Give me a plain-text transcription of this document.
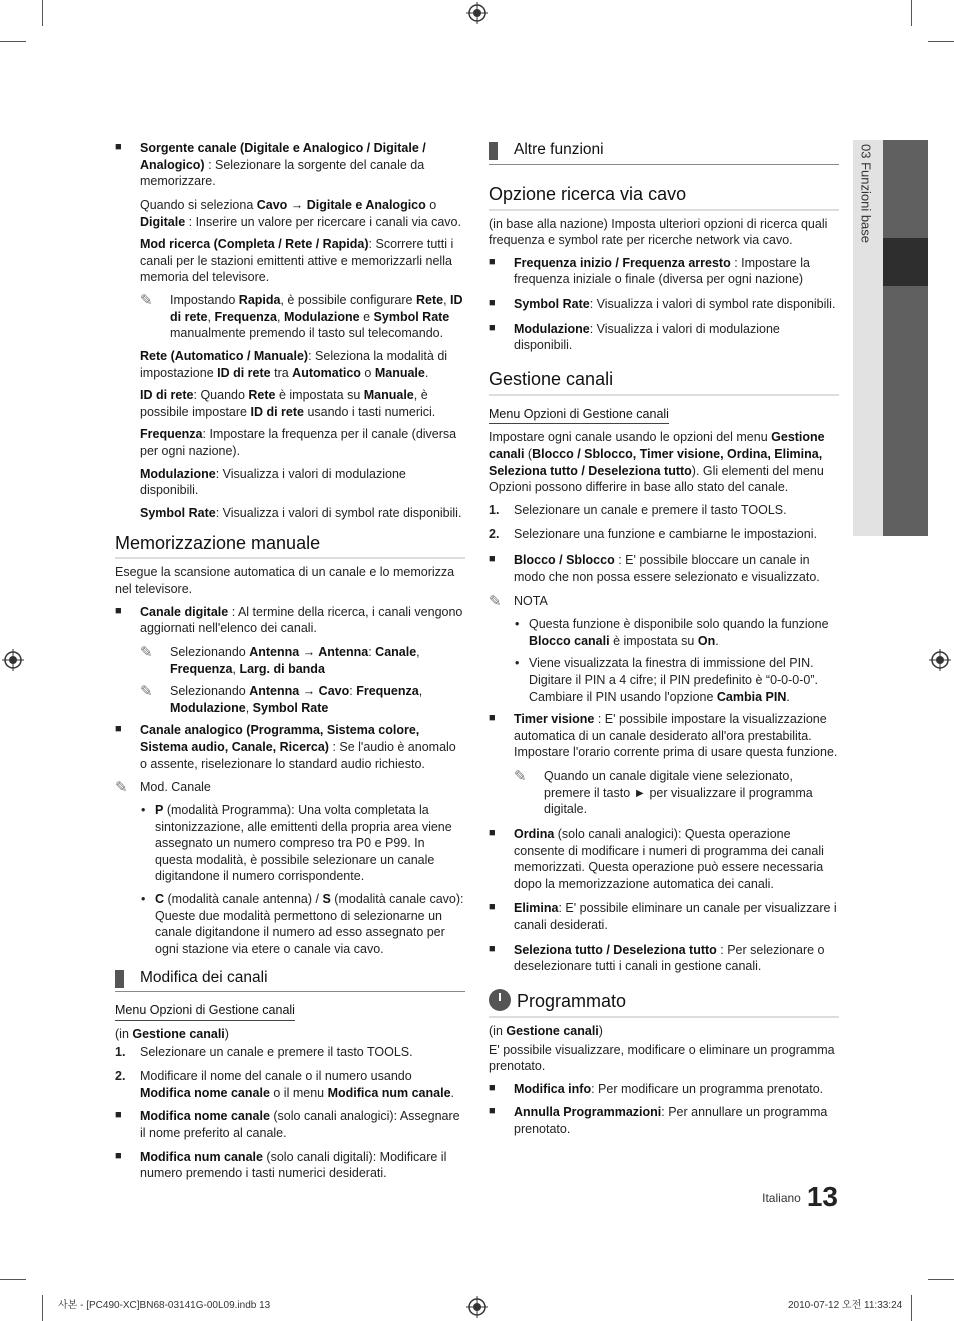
03 Funzioni base
■ Sorgente canale (Digitale e Analogico / Digitale / Analogico) : Selezionare la sorgente del canale da memorizzare.
Quando si seleziona Cavo → Digitale e Analogico o Digitale : Inserire un valore per ricercare i canali via cavo.
Mod ricerca (Completa / Rete / Rapida): Scorrere tutti i canali per le stazioni emittenti attive e memorizzarli nella memoria del televisore.
✎ Impostando Rapida, è possibile configurare Rete, ID di rete, Frequenza, Modulazione e Symbol Rate manualmente premendo il tasto sul telecomando.
Rete (Automatico / Manuale): Seleziona la modalità di impostazione ID di rete tra Automatico o Manuale.
ID di rete: Quando Rete è impostata su Manuale, è possibile impostare ID di rete usando i tasti numerici.
Frequenza: Impostare la frequenza per il canale (diversa per ogni nazione).
Modulazione: Visualizza i valori di modulazione disponibili.
Symbol Rate: Visualizza i valori di symbol rate disponibili.
Memorizzazione manuale
Esegue la scansione automatica di un canale e lo memorizza nel televisore.
■ Canale digitale : Al termine della ricerca, i canali vengono aggiornati nell'elenco dei canali.
✎ Selezionando Antenna → Antenna: Canale, Frequenza, Larg. di banda
✎ Selezionando Antenna → Cavo: Frequenza, Modulazione, Symbol Rate
■ Canale analogico (Programma, Sistema colore, Sistema audio, Canale, Ricerca) : Se l'audio è anomalo o assente, riselezionare lo standard audio richiesto.
✎ Mod. Canale
• P (modalità Programma): Una volta completata la sintonizzazione, alle emittenti della propria area viene assegnato un numero compreso tra P0 e P99. In questa modalità, è possibile selezionare un canale digitandone il numero corrispondente.
• C (modalità canale antenna) / S (modalità canale cavo): Queste due modalità permettono di selezionarne un canale digitandone il numero ad esso assegnato per ogni stazione via etere o canale via cavo.
Modifica dei canali
Menu Opzioni di Gestione canali
(in Gestione canali)
1. Selezionare un canale e premere il tasto TOOLS.
2. Modificare il nome del canale o il numero usando Modifica nome canale o il menu Modifica num canale.
■ Modifica nome canale (solo canali analogici): Assegnare il nome preferito al canale.
■ Modifica num canale (solo canali digitali): Modificare il numero premendo i tasti numerici desiderati.
Altre funzioni
Opzione ricerca via cavo
(in base alla nazione) Imposta ulteriori opzioni di ricerca quali frequenza e symbol rate per ricerche network via cavo.
■ Frequenza inizio / Frequenza arresto : Impostare la frequenza iniziale o finale (diversa per ogni nazione)
■ Symbol Rate: Visualizza i valori di symbol rate disponibili.
■ Modulazione: Visualizza i valori di modulazione disponibili.
Gestione canali
Menu Opzioni di Gestione canali
Impostare ogni canale usando le opzioni del menu Gestione canali (Blocco / Sblocco, Timer visione, Ordina, Elimina, Seleziona tutto / Deseleziona tutto). Gli elementi del menu Opzioni possono differire in base allo stato del canale.
1. Selezionare un canale e premere il tasto TOOLS.
2. Selezionare una funzione e cambiarne le impostazioni.
■ Blocco / Sblocco : E' possibile bloccare un canale in modo che non possa essere selezionato e visualizzato.
✎ NOTA
• Questa funzione è disponibile solo quando la funzione Blocco canali è impostata su On.
• Viene visualizzata la finestra di immissione del PIN. Digitare il PIN a 4 cifre; il PIN predefinito è “0-0-0-0”. Cambiare il PIN usando l'opzione Cambia PIN.
■ Timer visione : E' possibile impostare la visualizzazione automatica di un canale desiderato all'ora prestabilita. Impostare l'orario corrente prima di usare questa funzione.
✎ Quando un canale digitale viene selezionato, premere il tasto ► per visualizzare il programma digitale.
■ Ordina (solo canali analogici): Questa operazione consente di modificare i numeri di programma dei canali memorizzati. Questa operazione può essere necessaria dopo la memorizzazione automatica dei canali.
■ Elimina: E' possibile eliminare un canale per visualizzare i canali desiderati.
■ Seleziona tutto / Deseleziona tutto : Per selezionare o deselezionare tutti i canali in gestione canali.
Programmato
(in Gestione canali)
E' possibile visualizzare, modificare o eliminare un programma prenotato.
■ Modifica info: Per modificare un programma prenotato.
■ Annulla Programmazioni: Per annullare un programma prenotato.
Italiano 13
사본 - [PC490-XC]BN68-03141G-00L09.indb 13	2010-07-12 오전 11:33:24
